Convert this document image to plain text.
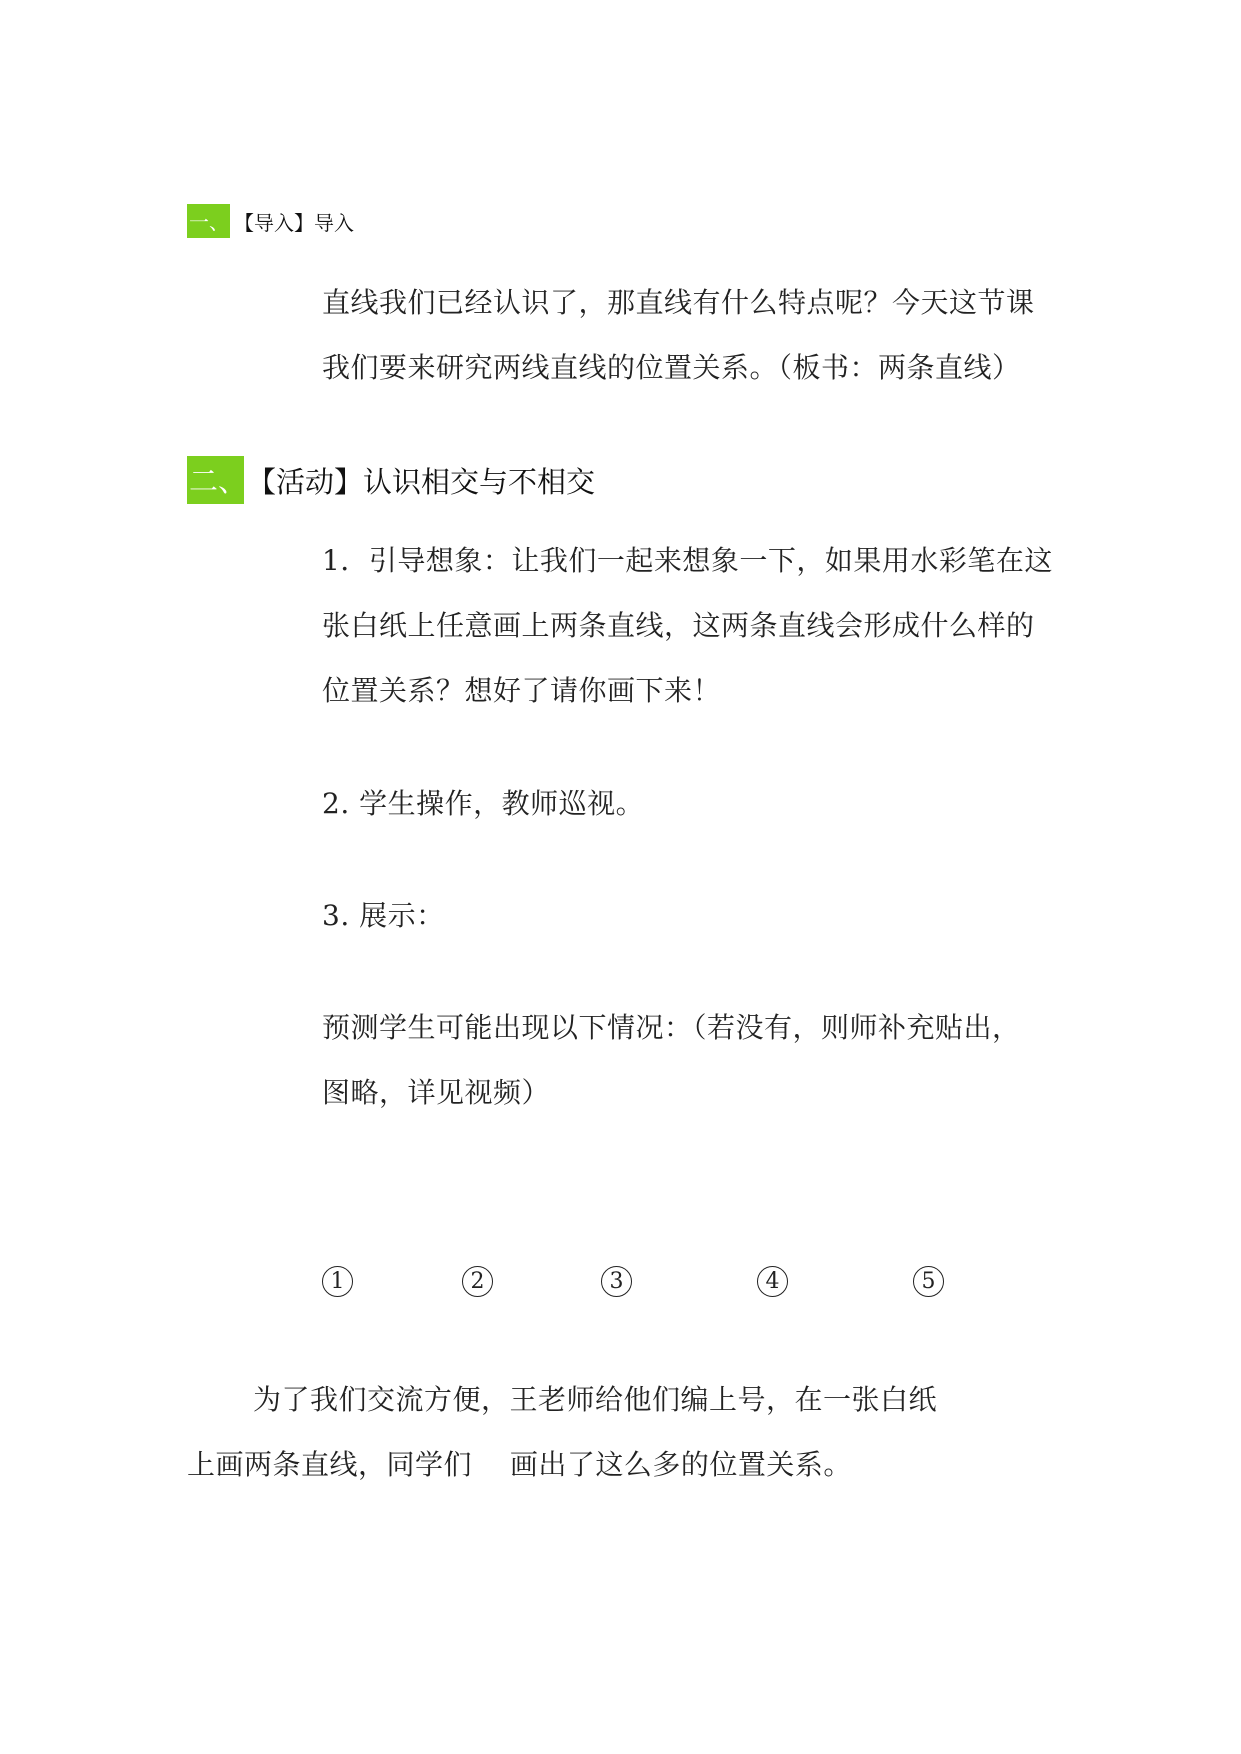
一、 【导入】导入
直线我们已经认识了，那直线有什么特点呢？今天这节课
我们要来研究两线直线的位置关系。（板书：两条直线）
二、 【活动】认识相交与不相交
1．引导想象：让我们一起来想象一下，如果用水彩笔在这
张白纸上任意画上两条直线，这两条直线会形成什么样的
位置关系？想好了请你画下来！
2. 学生操作，教师巡视。
3. 展示：
预测学生可能出现以下情况：（若没有，则师补充贴出，
图略，详见视频）
1	2	3	4	5
为了我们交流方便，王老师给他们编上号，在一张白纸
上画两条直线，同学们　 画出了这么多的位置关系。
